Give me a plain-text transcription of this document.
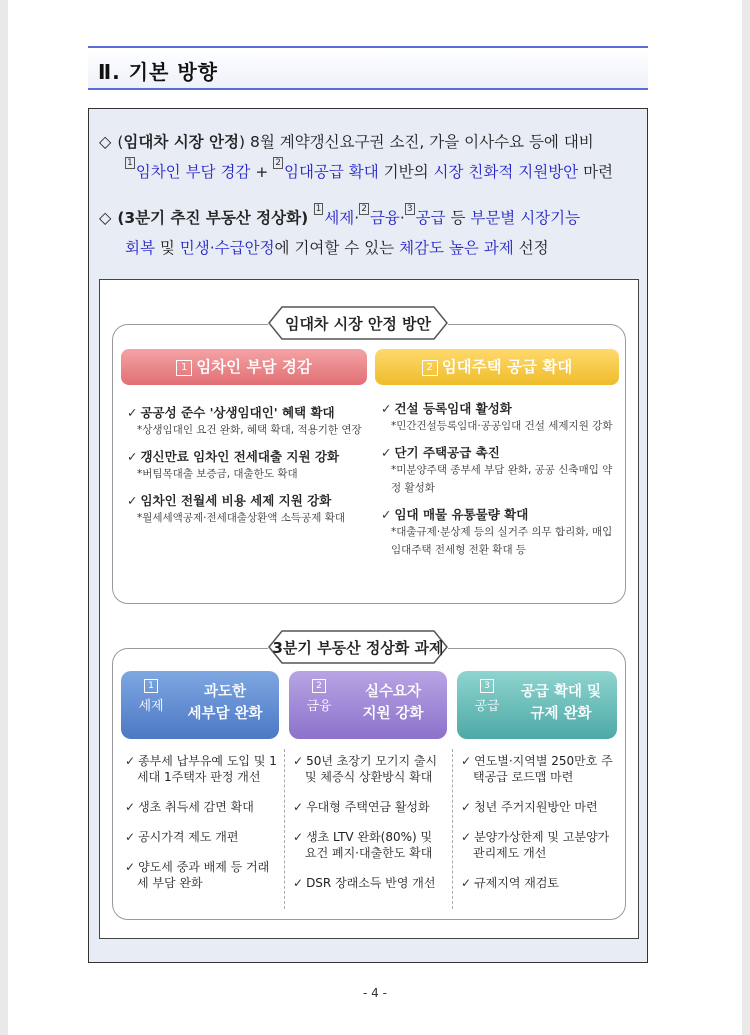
Ⅱ. 기본 방향
◇ (임대차 시장 안정) 8월 계약갱신요구권 소진, 가을 이사수요 등에 대비
1 임차인 부담 경감 + 2 임대공급 확대 기반의 시장 친화적 지원방안 마련
◇ (3분기 추진 부동산 정상화) 1 세제· 2 금융· 3 공급 등 부문별 시장기능
회복 및 민생·수급안정에 기여할 수 있는 체감도 높은 과제 선정
임대차 시장 안정 방안
1 임차인 부담 경감	2 임대주택 공급 확대
✓ 공공성 준수 '상생임대인' 혜택 확대
*상생임대인 요건 완화, 혜택 확대, 적용기한 연장
✓ 갱신만료 임차인 전세대출 지원 강화
*버팀목대출 보증금, 대출한도 확대
✓ 임차인 전월세 비용 세제 지원 강화
*월세세액공제·전세대출상환액 소득공제 확대
✓ 건설 등록임대 활성화
*민간건설등록임대·공공임대 건설 세제지원 강화
✓ 단기 주택공급 촉진
*미분양주택 종부세 부담 완화, 공공 신축매입 약정 활성화
✓ 임대 매물 유통물량 확대
*대출규제·분상제 등의 실거주 의무 합리화, 매입 임대주택 전세형 전환 확대 등
3분기 부동산 정상화 과제
1
세제
과도한
세부담 완화
2
금융
실수요자
지원 강화
3
공급
공급 확대 및
규제 완화
✓ 종부세 납부유예 도입 및 1세대 1주택자 판정 개선
✓ 생초 취득세 감면 확대
✓ 공시가격 제도 개편
✓ 양도세 중과 배제 등 거래세 부담 완화
✓ 50년 초장기 모기지 출시 및 체증식 상환방식 확대
✓ 우대형 주택연금 활성화
✓ 생초 LTV 완화(80%) 및 요건 폐지·대출한도 확대
✓ DSR 장래소득 반영 개선
✓ 연도별·지역별 250만호 주택공급 로드맵 마련
✓ 청년 주거지원방안 마련
✓ 분양가상한제 및 고분양가관리제도 개선
✓ 규제지역 재검토
- 4 -
